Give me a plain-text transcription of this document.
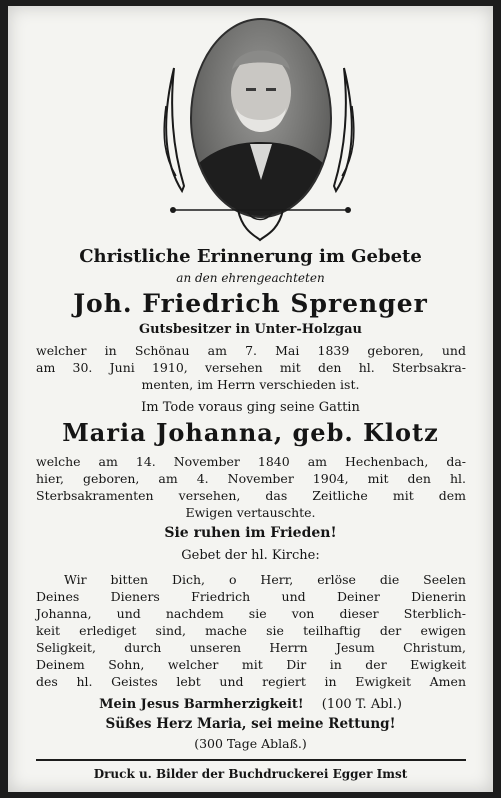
Christliche Erinnerung im Gebete
an den ehrengeachteten
Joh. Friedrich Sprenger
Gutsbesitzer in Unter-Holzgau
welcher in Schönau am 7. Mai 1839 geboren, und
am 30. Juni 1910, versehen mit den hl. Sterbsakra-
menten, im Herrn verschieden ist.
Im Tode voraus ging seine Gattin
Maria Johanna, geb. Klotz
welche am 14. November 1840 am Hechenbach, da-
hier, geboren, am 4. November 1904, mit den hl.
Sterbsakramenten versehen, das Zeitliche mit dem
Ewigen vertauschte.
Sie ruhen im Frieden!
Gebet der hl. Kirche:
Wir bitten Dich, o Herr, erlöse die Seelen
Deines Dieners Friedrich und Deiner Dienerin
Johanna, und nachdem sie von dieser Sterblich-
keit erlediget sind, mache sie teilhaftig der ewigen
Seligkeit, durch unseren Herrn Jesum Christum,
Deinem Sohn, welcher mit Dir in der Ewigkeit
des hl. Geistes lebt und regiert in Ewigkeit Amen
Mein Jesus Barmherzigkeit! (100 T. Abl.)
Süßes Herz Maria, sei meine Rettung!
(300 Tage Ablaß.)
Druck u. Bilder der Buchdruckerei Egger Imst
